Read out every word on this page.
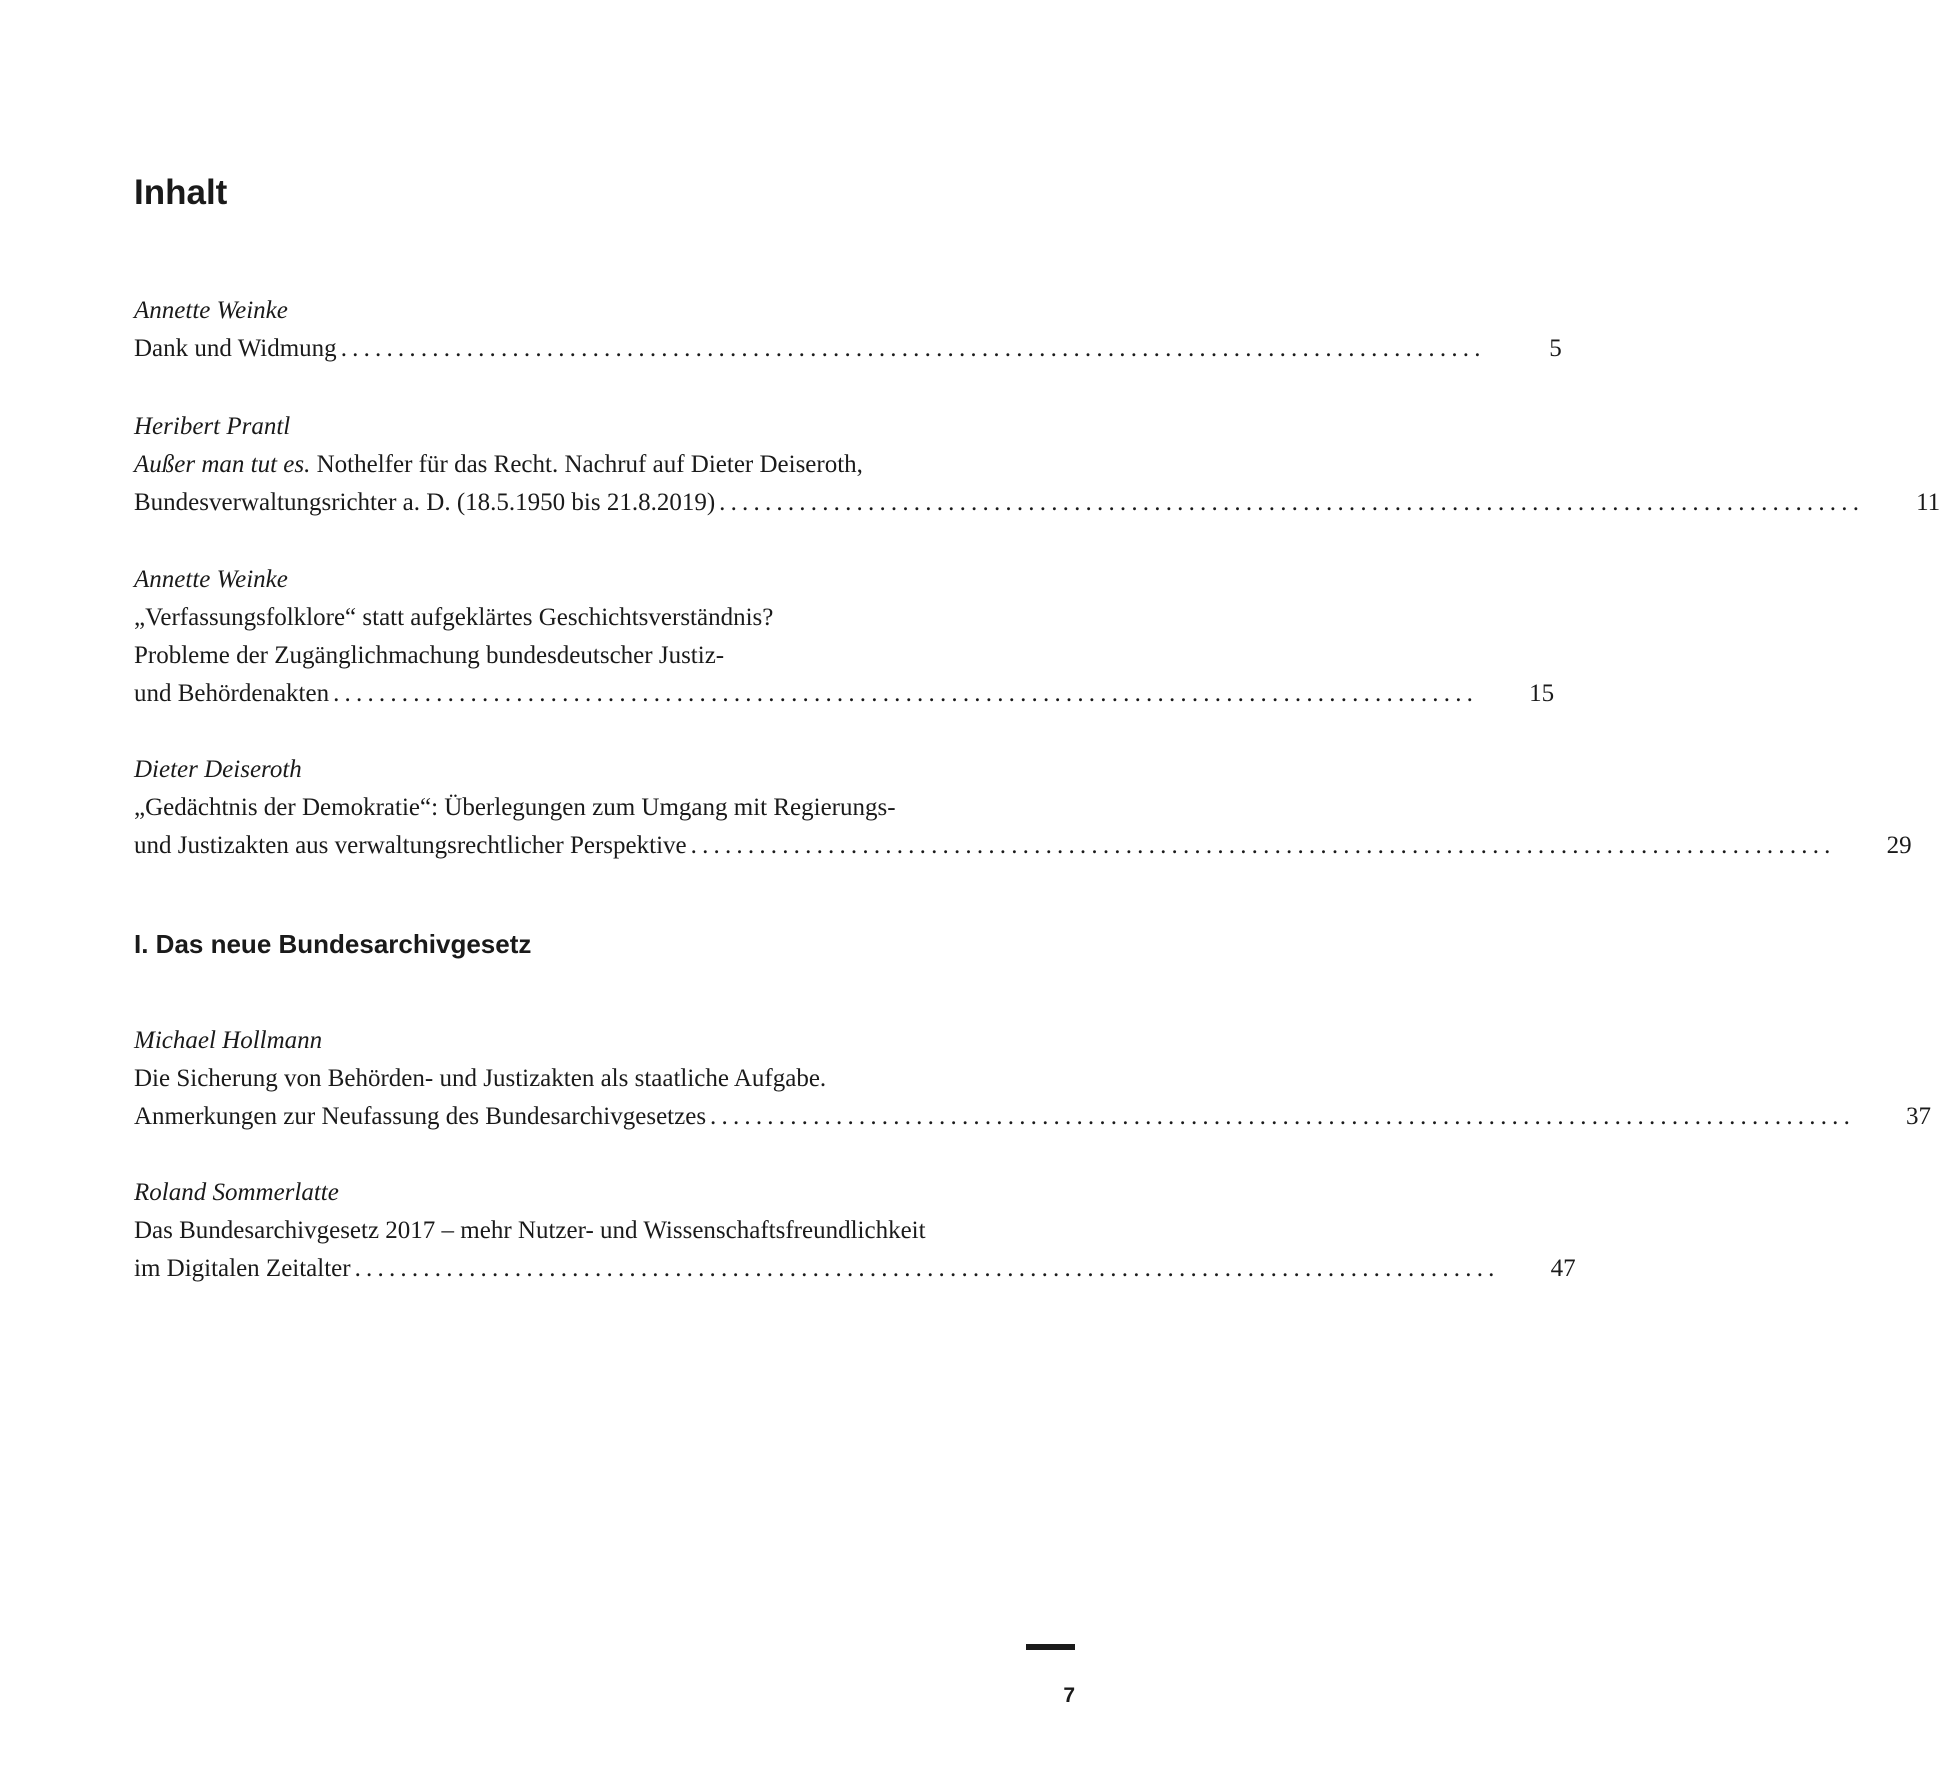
Inhalt
Annette Weinke
Dank und Widmung ....................................................................................................	5
Heribert Prantl
Außer man tut es. Nothelfer für das Recht. Nachruf auf Dieter Deiseroth,
Bundesverwaltungsrichter a. D. (18.5.1950 bis 21.8.2019) ....................................................................................................	11
Annette Weinke
„Verfassungsfolklore“ statt aufgeklärtes Geschichtsverständnis?
Probleme der Zugänglichmachung bundesdeutscher Justiz-
und Behördenakten ....................................................................................................	15
Dieter Deiseroth
„Gedächtnis der Demokratie“: Überlegungen zum Umgang mit Regierungs-
und Justizakten aus verwaltungsrechtlicher Perspektive ....................................................................................................	29
I. Das neue Bundesarchivgesetz
Michael Hollmann
Die Sicherung von Behörden- und Justizakten als staatliche Aufgabe.
Anmerkungen zur Neufassung des Bundesarchivgesetzes ....................................................................................................	37
Roland Sommerlatte
Das Bundesarchivgesetz 2017 – mehr Nutzer- und Wissenschaftsfreundlichkeit
im Digitalen Zeitalter ....................................................................................................	47
7
